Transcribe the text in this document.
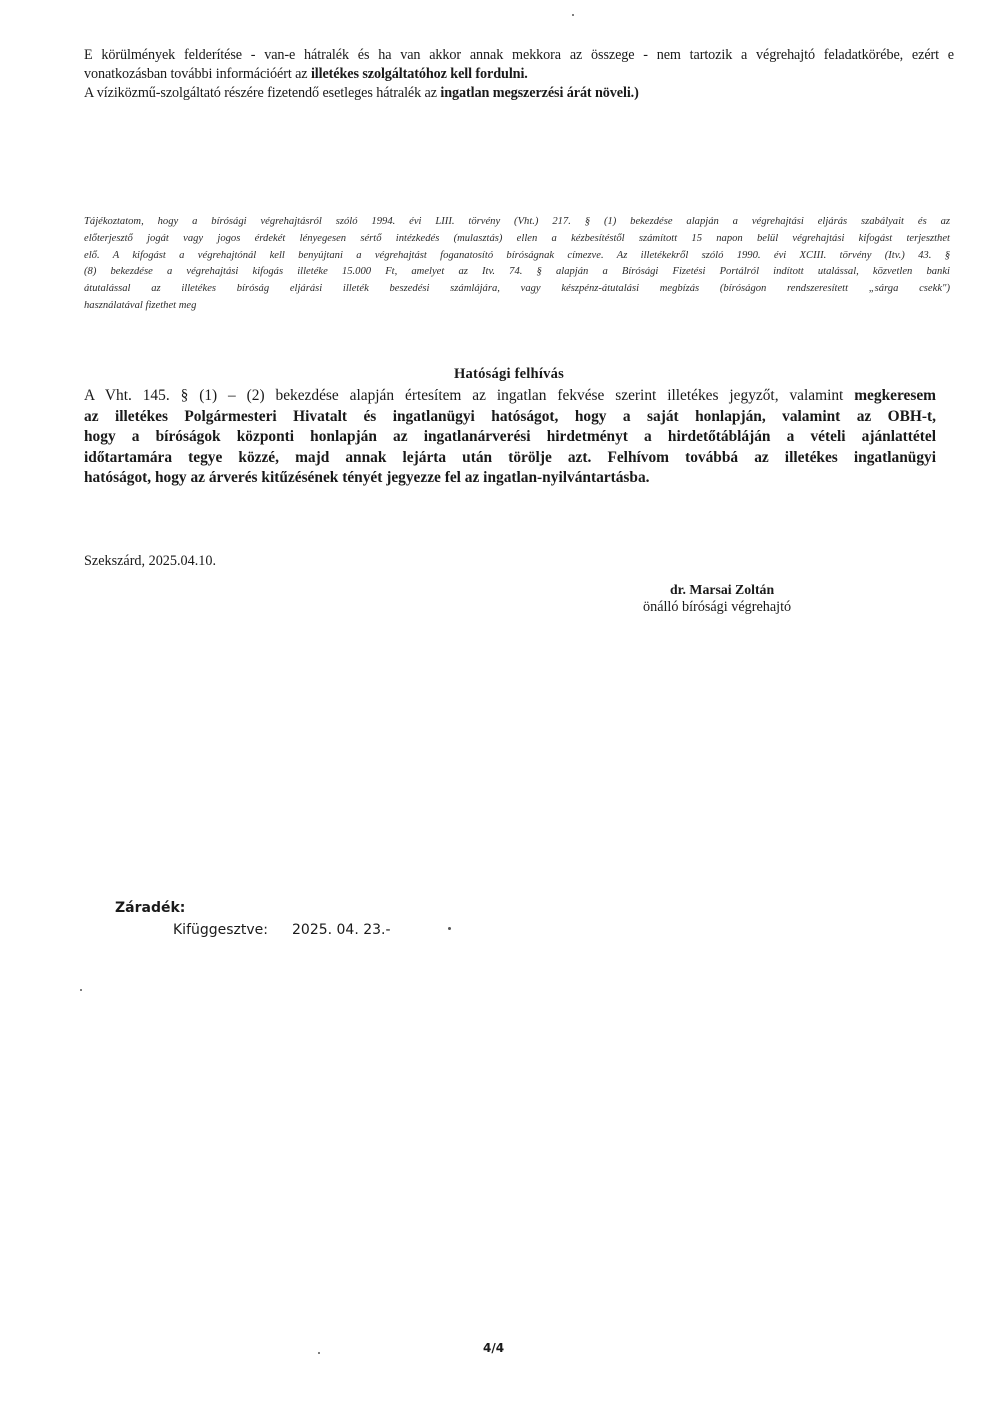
E körülmények felderítése - van-e hátralék és ha van akkor annak mekkora az összege - nem tartozik a végrehajtó feladatkörébe, ezért e
vonatkozásban további információért az illetékes szolgáltatóhoz kell fordulni.
A víziközmű-szolgáltató részére fizetendő esetleges hátralék az ingatlan megszerzési árát növeli.)
Tájékoztatom, hogy a bírósági végrehajtásról szóló 1994. évi LIII. törvény (Vht.) 217. § (1) bekezdése alapján a végrehajtási eljárás szabályait és az
előterjesztő jogát vagy jogos érdekét lényegesen sértő intézkedés (mulasztás) ellen a kézbesítéstől számított 15 napon belül végrehajtási kifogást terjeszthet
elő. A kifogást a végrehajtónál kell benyújtani a végrehajtást foganatosító bíróságnak címezve. Az illetékekről szóló 1990. évi XCIII. törvény (Itv.) 43. §
(8) bekezdése a végrehajtási kifogás illetéke 15.000 Ft, amelyet az Itv. 74. § alapján a Bírósági Fizetési Portálról indított utalással, közvetlen banki
átutalással az illetékes bíróság eljárási illeték beszedési számlájára, vagy készpénz-átutalási megbízás (bíróságon rendszeresített „sárga csekk")
használatával fizethet meg
Hatósági felhívás
A Vht. 145. § (1) – (2) bekezdése alapján értesítem az ingatlan fekvése szerint illetékes jegyzőt, valamint megkeresem
az illetékes Polgármesteri Hivatalt és ingatlanügyi hatóságot, hogy a saját honlapján, valamint az OBH-t,
hogy a bíróságok központi honlapján az ingatlanárverési hirdetményt a hirdetőtábláján a vételi ajánlattétel
időtartamára tegye közzé, majd annak lejárta után törölje azt. Felhívom továbbá az illetékes ingatlanügyi
hatóságot, hogy az árverés kitűzésének tényét jegyezze fel az ingatlan-nyilvántartásba.
Szekszárd, 2025.04.10.
dr. Marsai Zoltán
önálló bírósági végrehajtó
Záradék:
Kifüggesztve: 2025. 04. 23.-
4/4
